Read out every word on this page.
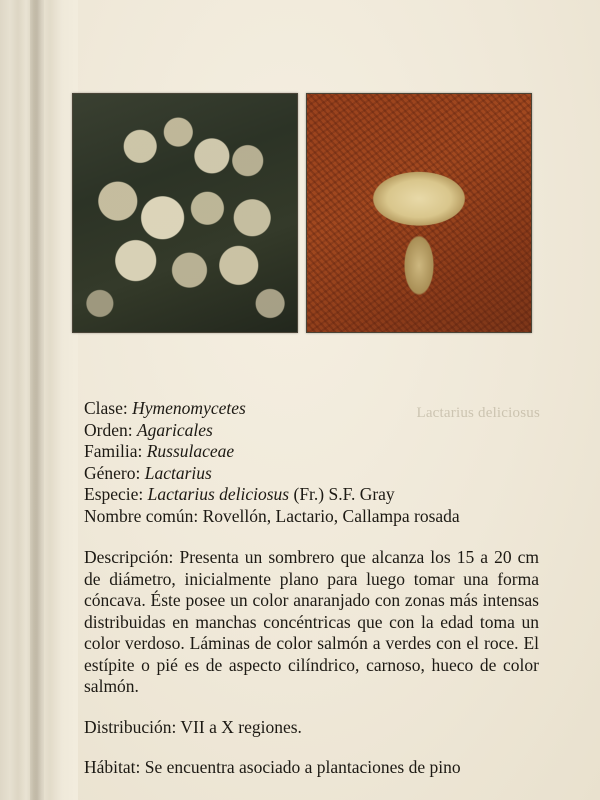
Lactarius deliciosus
Clase: Hymenomycetes
Orden: Agaricales
Familia: Russulaceae
Género: Lactarius
Especie: Lactarius deliciosus (Fr.) S.F. Gray
Nombre común: Rovellón, Lactario, Callampa rosada
Descripción: Presenta un sombrero que alcanza los 15 a 20 cm de diámetro, inicialmente plano para luego tomar una forma cóncava. Éste posee un color anaranjado con zonas más intensas distribuidas en manchas concéntricas que con la edad toma un color verdoso. Láminas de color salmón a verdes con el roce. El estípite o pié es de aspecto cilíndrico, carnoso, hueco de color salmón.
Distribución: VII a X regiones.
Hábitat: Se encuentra asociado a plantaciones de pino
